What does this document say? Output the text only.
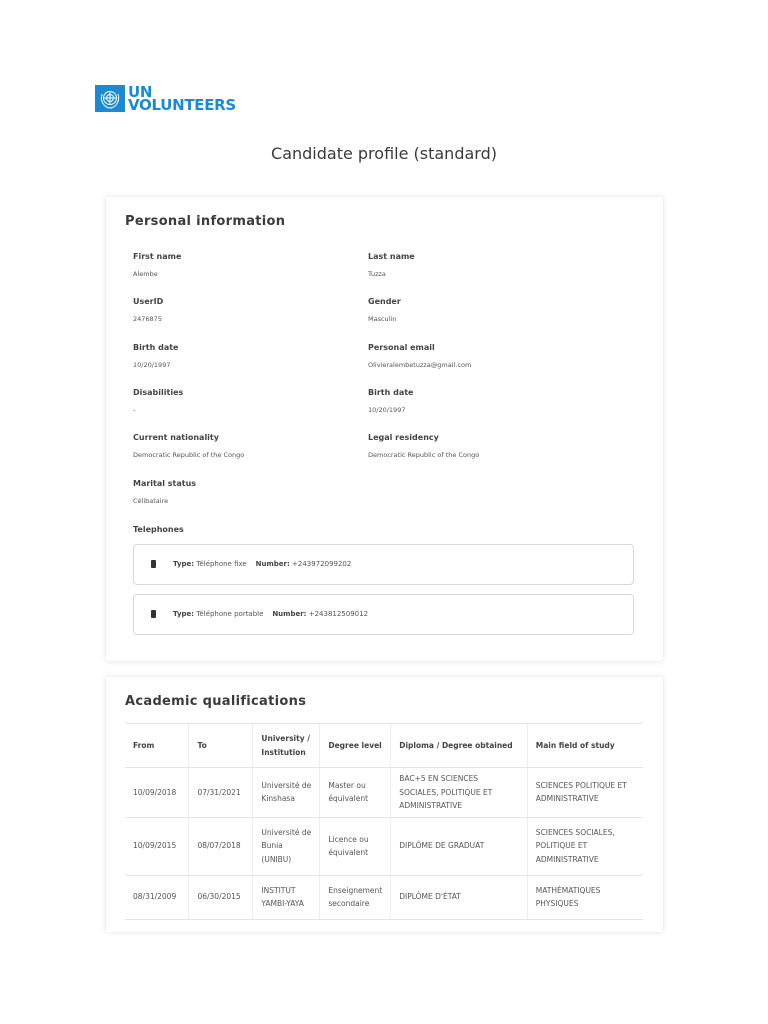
UN
VOLUNTEERS
Candidate profile (standard)
Personal information
First name
Alembe
Last name
Tuzza
UserID
2476875
Gender
Masculin
Birth date
10/20/1997
Personal email
Olivieralembetuzza@gmail.com
Disabilities
-
Birth date
10/20/1997
Current nationality
Democratic Republic of the Congo
Legal residency
Democratic Republic of the Congo
Marital status
Célibataire
Telephones
Type: Téléphone fixe Number: +243972099202
Type: Téléphone portable Number: +243812509012
Academic qualifications
From	To	University / Institution	Degree level	Diploma / Degree obtained	Main field of study
10/09/2018	07/31/2021	Université de Kinshasa	Master ou équivalent	BAC+5 EN SCIENCES SOCIALES, POLITIQUE ET ADMINISTRATIVE	SCIENCES POLITIQUE ET ADMINISTRATIVE
10/09/2015	08/07/2018	Université de Bunia (UNIBU)	Licence ou équivalent	DIPLÔME DE GRADUAT	SCIENCES SOCIALES, POLITIQUE ET ADMINISTRATIVE
08/31/2009	06/30/2015	INSTITUT YAMBI-YAYA	Enseignement secondaire	DIPLÔME D'ÉTAT	MATHÉMATIQUES PHYSIQUES
